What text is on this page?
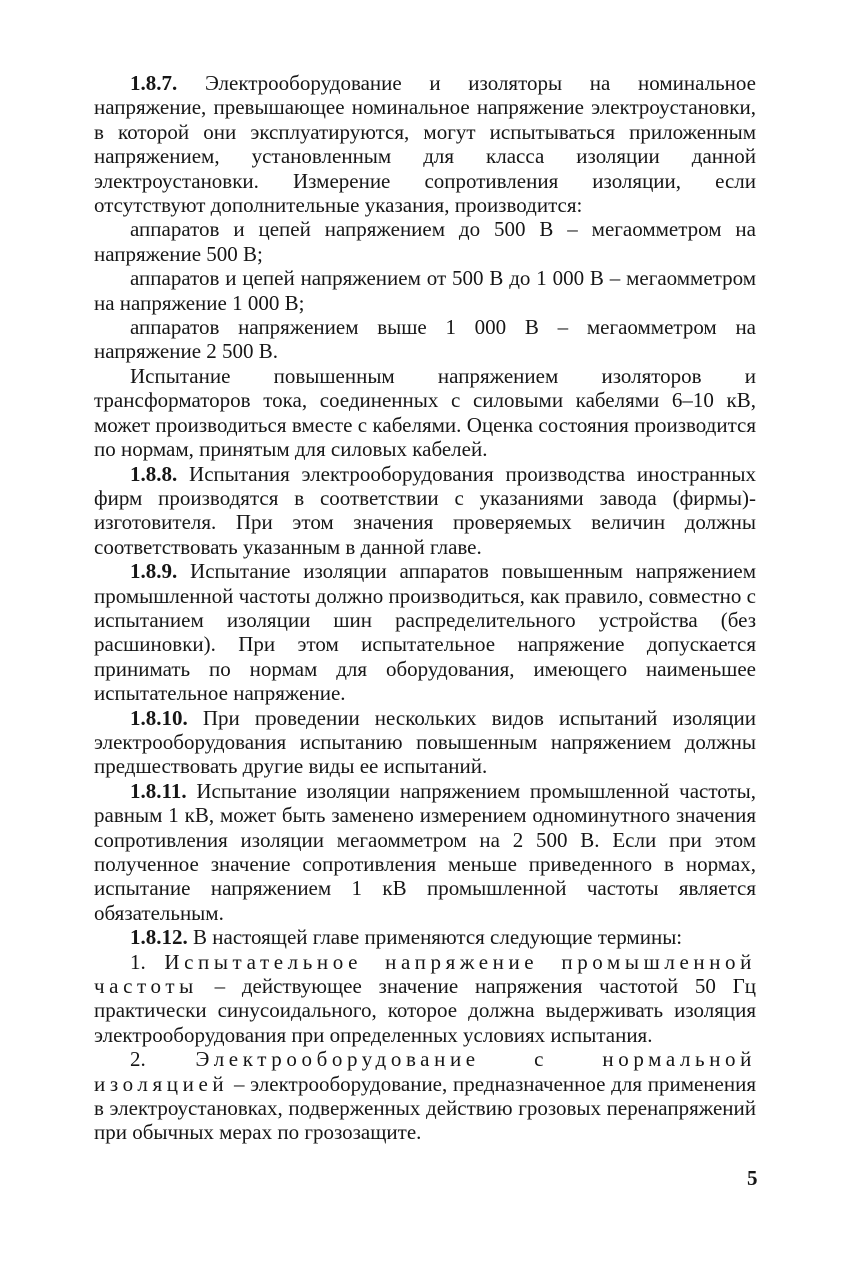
1.8.7. Электрооборудование и изоляторы на номинальное напряжение, превышающее номинальное напряжение электроустановки, в которой они эксплуатируются, могут испытываться приложенным напряжением, установленным для класса изоляции данной электроустановки. Измерение сопротивления изоляции, если отсутствуют дополнительные указания, производится:

аппаратов и цепей напряжением до 500 В – мегаомметром на напряжение 500 В;

аппаратов и цепей напряжением от 500 В до 1 000 В – мегаомметром на напряжение 1 000 В;

аппаратов напряжением выше 1 000 В – мегаомметром на напряжение 2 500 В.

Испытание повышенным напряжением изоляторов и трансформаторов тока, соединенных с силовыми кабелями 6–10 кВ, может производиться вместе с кабелями. Оценка состояния производится по нормам, принятым для силовых кабелей.

1.8.8. Испытания электрооборудования производства иностранных фирм производятся в соответствии с указаниями завода (фирмы)-изготовителя. При этом значения проверяемых величин должны соответствовать указанным в данной главе.

1.8.9. Испытание изоляции аппаратов повышенным напряжением промышленной частоты должно производиться, как правило, совместно с испытанием изоляции шин распределительного устройства (без расшиновки). При этом испытательное напряжение допускается принимать по нормам для оборудования, имеющего наименьшее испытательное напряжение.

1.8.10. При проведении нескольких видов испытаний изоляции электрооборудования испытанию повышенным напряжением должны предшествовать другие виды ее испытаний.

1.8.11. Испытание изоляции напряжением промышленной частоты, равным 1 кВ, может быть заменено измерением одноминутного значения сопротивления изоляции мегаомметром на 2 500 В. Если при этом полученное значение сопротивления меньше приведенного в нормах, испытание напряжением 1 кВ промышленной частоты является обязательным.

1.8.12. В настоящей главе применяются следующие термины:

1. Испытательное напряжение промышленной частоты – действующее значение напряжения частотой 50 Гц практически синусоидального, которое должна выдерживать изоляция электрооборудования при определенных условиях испытания.

2. Электрооборудование с нормальной изоляцией – электрооборудование, предназначенное для применения в электроустановках, подверженных действию грозовых перенапряжений при обычных мерах по грозозащите.

5
